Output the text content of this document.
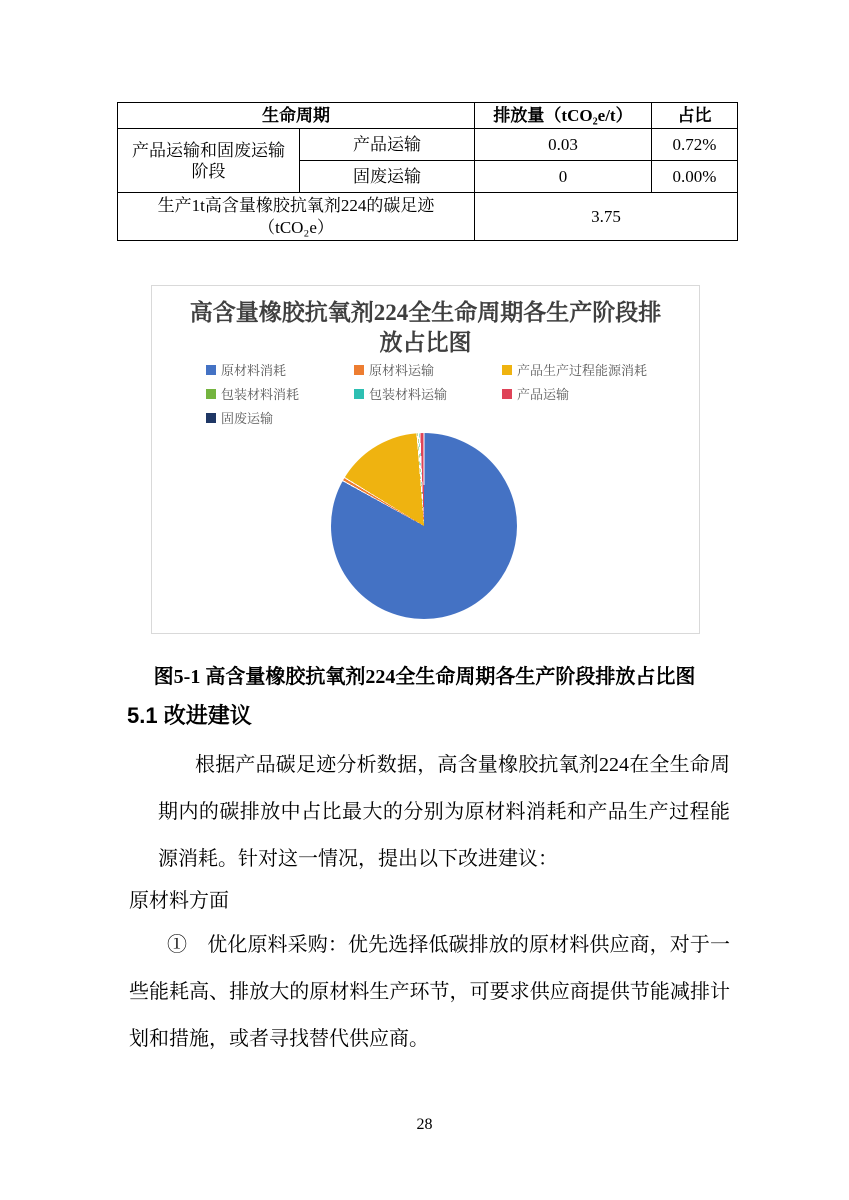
生命周期		排放量（tCO₂e/t）	占比
产品运输和固废运输阶段	产品运输	0.03	0.72%
	固废运输	0	0.00%
生产1t高含量橡胶抗氧剂224的碳足迹（tCO₂e）		3.75	
高含量橡胶抗氧剂224全生命周期各生产阶段排放占比图
原材料消耗	原材料运输	产品生产过程能源消耗
包装材料消耗	包装材料运输	产品运输
固废运输
图5-1 高含量橡胶抗氧剂224全生命周期各生产阶段排放占比图
5.1 改进建议
根据产品碳足迹分析数据，高含量橡胶抗氧剂224在全生命周
期内的碳排放中占比最大的分别为原材料消耗和产品生产过程能
源消耗。针对这一情况，提出以下改进建议：
原材料方面
①　优化原料采购：优先选择低碳排放的原材料供应商，对于一
些能耗高、排放大的原材料生产环节，可要求供应商提供节能减排计
划和措施，或者寻找替代供应商。
28
